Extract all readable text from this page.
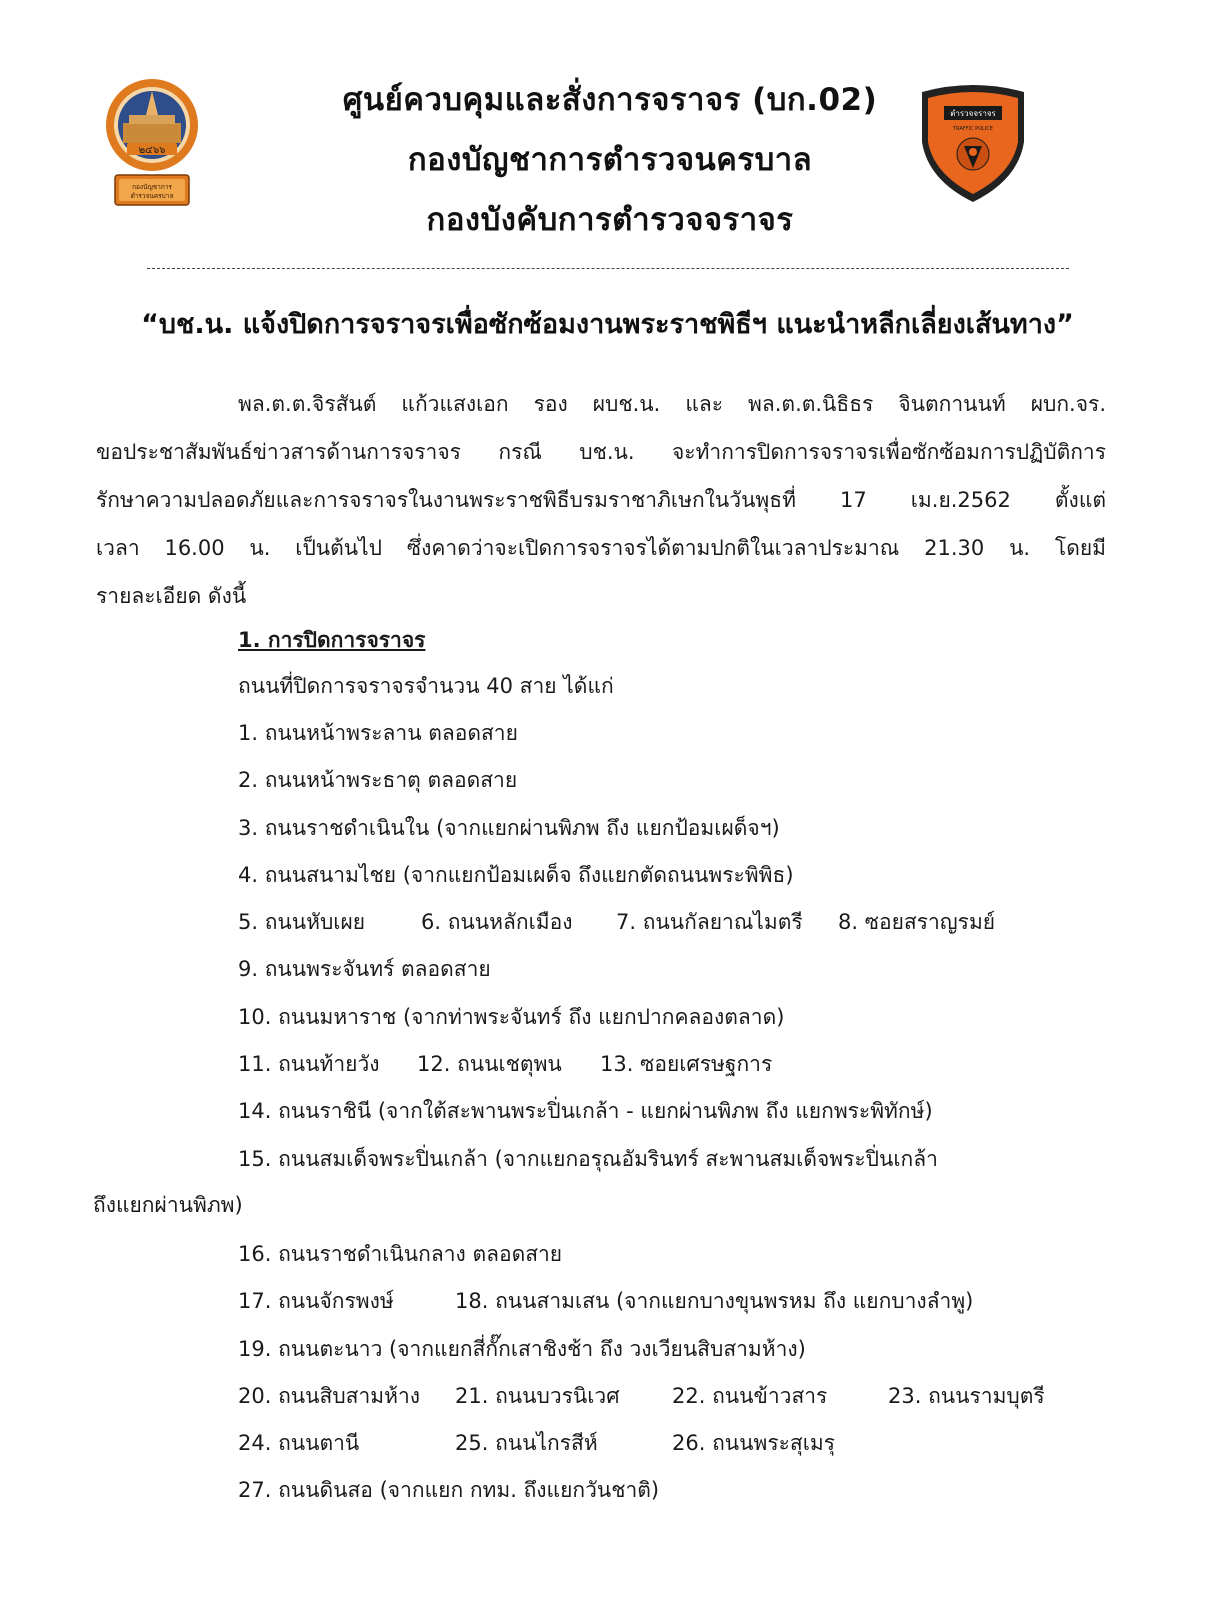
๒๔๖๖
กองบัญชาการ
ตำรวจนครบาล
ศูนย์ควบคุมและสั่งการจราจร (บก.02)
กองบัญชาการตำรวจนครบาล
กองบังคับการตำรวจจราจร
ตำรวจจราจร
TRAFFIC POLICE
“บช.น. แจ้งปิดการจราจรเพื่อซักซ้อมงานพระราชพิธีฯ แนะนำหลีกเลี่ยงเส้นทาง”
พล.ต.ต.จิรสันต์ แก้วแสงเอก รอง ผบช.น. และ พล.ต.ต.นิธิธร จินตกานนท์ ผบก.จร.
ขอประชาสัมพันธ์ข่าวสารด้านการจราจร กรณี บช.น. จะทำการปิดการจราจรเพื่อซักซ้อมการปฏิบัติการ
รักษาความปลอดภัยและการจราจรในงานพระราชพิธีบรมราชาภิเษกในวันพุธที่ 17 เม.ย.2562 ตั้งแต่
เวลา 16.00 น. เป็นต้นไป ซึ่งคาดว่าจะเปิดการจราจรได้ตามปกติในเวลาประมาณ 21.30 น. โดยมี
รายละเอียด ดังนี้
1. การปิดการจราจร
ถนนที่ปิดการจราจรจำนวน 40 สาย ได้แก่
1. ถนนหน้าพระลาน ตลอดสาย
2. ถนนหน้าพระธาตุ ตลอดสาย
3. ถนนราชดำเนินใน (จากแยกผ่านพิภพ ถึง แยกป้อมเผด็จฯ)
4. ถนนสนามไชย (จากแยกป้อมเผด็จ ถึงแยกตัดถนนพระพิพิธ)
5. ถนนหับเผย	6. ถนนหลักเมือง 7. ถนนกัลยาณไมตรี 8. ซอยสราญรมย์
9. ถนนพระจันทร์ ตลอดสาย
10. ถนนมหาราช (จากท่าพระจันทร์ ถึง แยกปากคลองตลาด)
11. ถนนท้ายวัง 12. ถนนเชตุพน 13. ซอยเศรษฐการ
14. ถนนราชินี (จากใต้สะพานพระปิ่นเกล้า - แยกผ่านพิภพ ถึง แยกพระพิทักษ์)
15. ถนนสมเด็จพระปิ่นเกล้า (จากแยกอรุณอัมรินทร์ สะพานสมเด็จพระปิ่นเกล้า
ถึงแยกผ่านพิภพ)
16. ถนนราชดำเนินกลาง ตลอดสาย
17. ถนนจักรพงษ์	18. ถนนสามเสน (จากแยกบางขุนพรหม ถึง แยกบางลำพู)
19. ถนนตะนาว (จากแยกสี่กั๊กเสาชิงช้า ถึง วงเวียนสิบสามห้าง)
20. ถนนสิบสามห้าง 21. ถนนบวรนิเวศ 22. ถนนข้าวสาร	23. ถนนรามบุตรี
24. ถนนตานี	25. ถนนไกรสีห์	26. ถนนพระสุเมรุ
27. ถนนดินสอ (จากแยก กทม. ถึงแยกวันชาติ)
